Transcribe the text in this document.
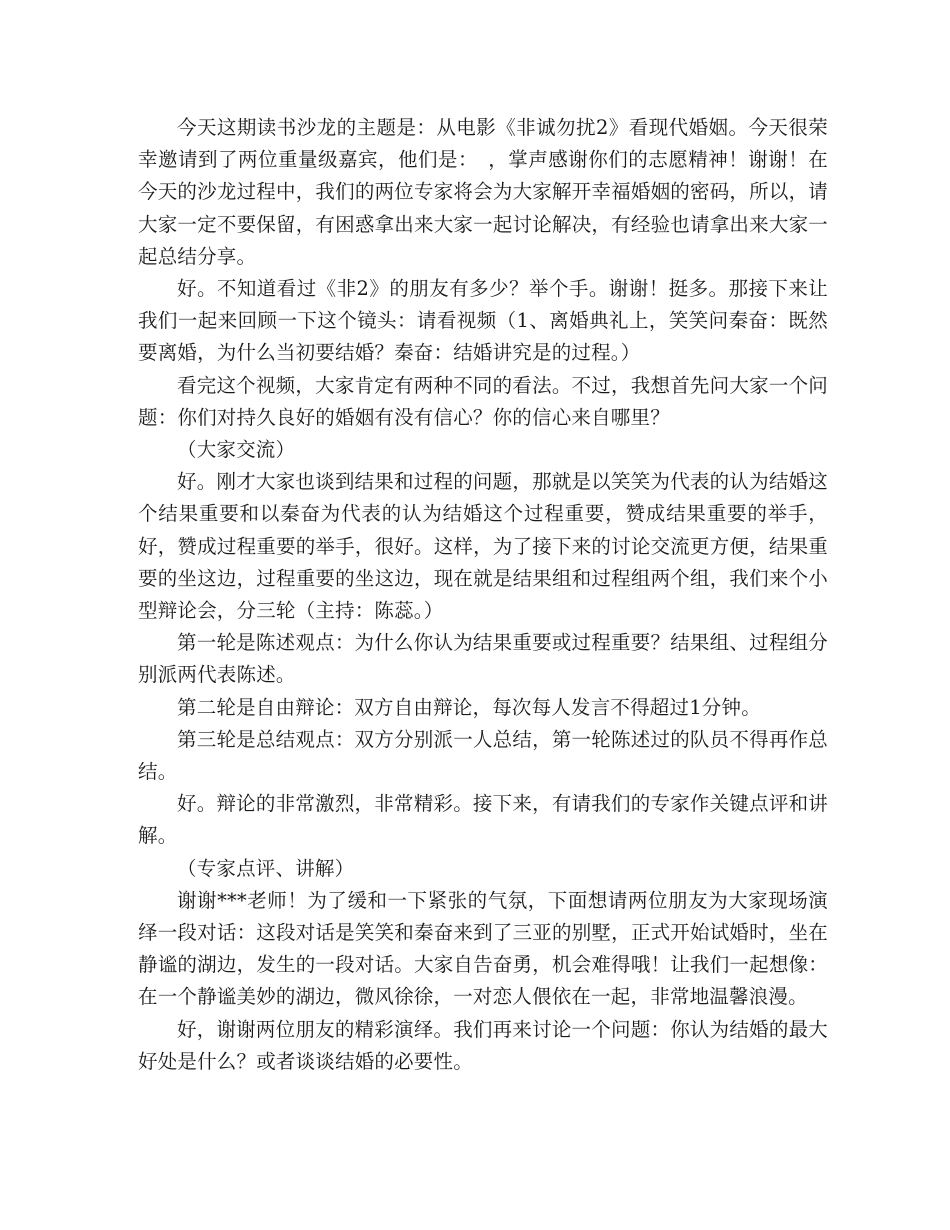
今天这期读书沙龙的主题是：从电影《非诚勿扰2》看现代婚姻。今天很荣幸邀请到了两位重量级嘉宾，他们是：　，掌声感谢你们的志愿精神！谢谢！在今天的沙龙过程中，我们的两位专家将会为大家解开幸福婚姻的密码，所以，请大家一定不要保留，有困惑拿出来大家一起讨论解决，有经验也请拿出来大家一起总结分享。

好。不知道看过《非2》的朋友有多少？举个手。谢谢！挺多。那接下来让我们一起来回顾一下这个镜头：请看视频（1、离婚典礼上，笑笑问秦奋：既然要离婚，为什么当初要结婚？秦奋：结婚讲究是的过程。）

看完这个视频，大家肯定有两种不同的看法。不过，我想首先问大家一个问题：你们对持久良好的婚姻有没有信心？你的信心来自哪里？

（大家交流）

好。刚才大家也谈到结果和过程的问题，那就是以笑笑为代表的认为结婚这个结果重要和以秦奋为代表的认为结婚这个过程重要，赞成结果重要的举手，好，赞成过程重要的举手，很好。这样，为了接下来的讨论交流更方便，结果重要的坐这边，过程重要的坐这边，现在就是结果组和过程组两个组，我们来个小型辩论会，分三轮（主持：陈蕊。）

第一轮是陈述观点：为什么你认为结果重要或过程重要？结果组、过程组分别派两代表陈述。

第二轮是自由辩论：双方自由辩论，每次每人发言不得超过1分钟。

第三轮是总结观点：双方分别派一人总结，第一轮陈述过的队员不得再作总结。

好。辩论的非常激烈，非常精彩。接下来，有请我们的专家作关键点评和讲解。

（专家点评、讲解）

谢谢***老师！为了缓和一下紧张的气氛，下面想请两位朋友为大家现场演绎一段对话：这段对话是笑笑和秦奋来到了三亚的别墅，正式开始试婚时，坐在静谧的湖边，发生的一段对话。大家自告奋勇，机会难得哦！让我们一起想像：在一个静谧美妙的湖边，微风徐徐，一对恋人偎依在一起，非常地温馨浪漫。

好，谢谢两位朋友的精彩演绎。我们再来讨论一个问题：你认为结婚的最大好处是什么？或者谈谈结婚的必要性。
